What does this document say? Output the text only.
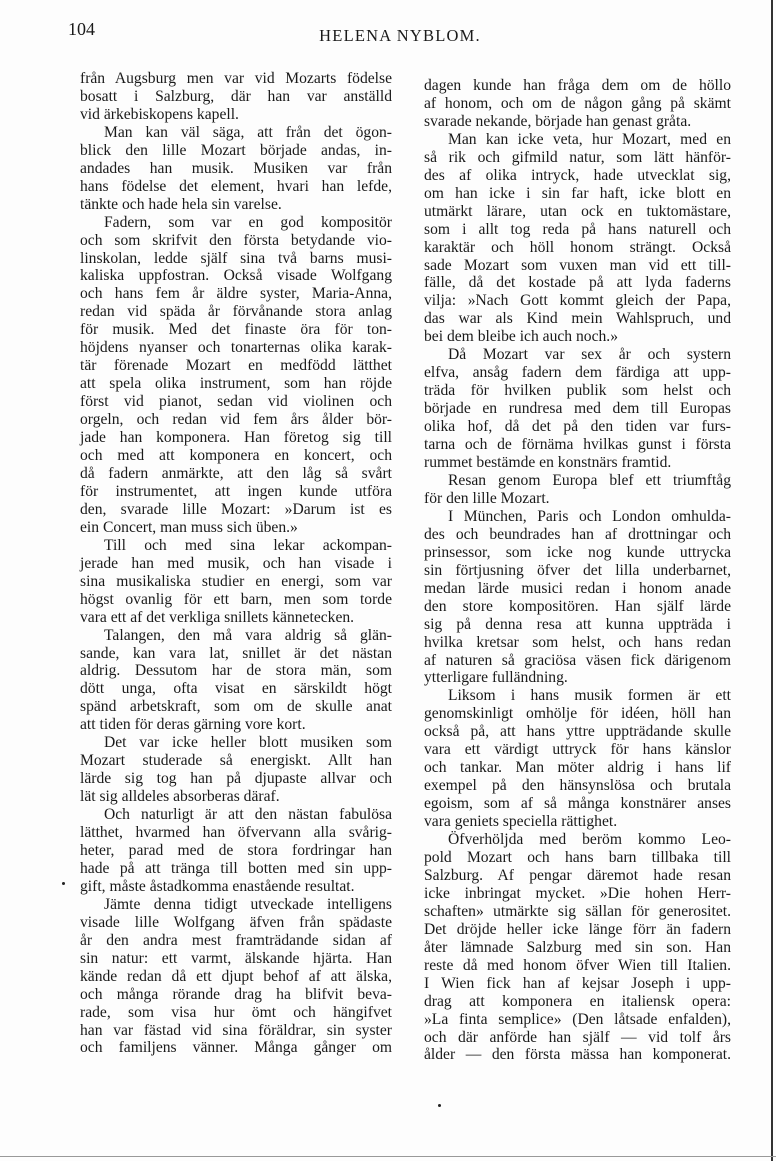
104	HELENA NYBLOM.
från Augsburg men var vid Mozarts födelse
bosatt i Salzburg, där han var anställd
vid ärkebiskopens kapell.
Man kan väl säga, att från det ögon-
blick den lille Mozart började andas, in-
andades han musik. Musiken var från
hans födelse det element, hvari han lefde,
tänkte och hade hela sin varelse.
Fadern, som var en god kompositör
och som skrifvit den första betydande vio-
linskolan, ledde själf sina två barns musi-
kaliska uppfostran. Också visade Wolfgang
och hans fem år äldre syster, Maria-Anna,
redan vid späda år förvånande stora anlag
för musik. Med det finaste öra för ton-
höjdens nyanser och tonarternas olika karak-
tär förenade Mozart en medfödd lätthet
att spela olika instrument, som han röjde
först vid pianot, sedan vid violinen och
orgeln, och redan vid fem års ålder bör-
jade han komponera. Han företog sig till
och med att komponera en koncert, och
då fadern anmärkte, att den låg så svårt
för instrumentet, att ingen kunde utföra
den, svarade lille Mozart: »Darum ist es
ein Concert, man muss sich üben.»
Till och med sina lekar ackompan-
jerade han med musik, och han visade i
sina musikaliska studier en energi, som var
högst ovanlig för ett barn, men som torde
vara ett af det verkliga snillets kännetecken.
Talangen, den må vara aldrig så glän-
sande, kan vara lat, snillet är det nästan
aldrig. Dessutom har de stora män, som
dött unga, ofta visat en särskildt högt
spänd arbetskraft, som om de skulle anat
att tiden för deras gärning vore kort.
Det var icke heller blott musiken som
Mozart studerade så energiskt. Allt han
lärde sig tog han på djupaste allvar och
lät sig alldeles absorberas däraf.
Och naturligt är att den nästan fabulösa
lätthet, hvarmed han öfvervann alla svårig-
heter, parad med de stora fordringar han
hade på att tränga till botten med sin upp-
gift, måste åstadkomma enastående resultat.
Jämte denna tidigt utveckade intelligens
visade lille Wolfgang äfven från spädaste
år den andra mest framträdande sidan af
sin natur: ett varmt, älskande hjärta. Han
kände redan då ett djupt behof af att älska,
och många rörande drag ha blifvit beva-
rade, som visa hur ömt och hängifvet
han var fästad vid sina föräldrar, sin syster
och familjens vänner. Många gånger om
dagen kunde han fråga dem om de höllo
af honom, och om de någon gång på skämt
svarade nekande, började han genast gråta.
Man kan icke veta, hur Mozart, med en
så rik och gifmild natur, som lätt hänför-
des af olika intryck, hade utvecklat sig,
om han icke i sin far haft, icke blott en
utmärkt lärare, utan ock en tuktomästare,
som i allt tog reda på hans naturell och
karaktär och höll honom strängt. Också
sade Mozart som vuxen man vid ett till-
fälle, då det kostade på att lyda faderns
vilja: »Nach Gott kommt gleich der Papa,
das war als Kind mein Wahlspruch, und
bei dem bleibe ich auch noch.»
Då Mozart var sex år och systern
elfva, ansåg fadern dem färdiga att upp-
träda för hvilken publik som helst och
började en rundresa med dem till Europas
olika hof, då det på den tiden var furs-
tarna och de förnäma hvilkas gunst i första
rummet bestämde en konstnärs framtid.
Resan genom Europa blef ett triumftåg
för den lille Mozart.
I München, Paris och London omhulda-
des och beundrades han af drottningar och
prinsessor, som icke nog kunde uttrycka
sin förtjusning öfver det lilla underbarnet,
medan lärde musici redan i honom anade
den store kompositören. Han själf lärde
sig på denna resa att kunna uppträda i
hvilka kretsar som helst, och hans redan
af naturen så graciösa väsen fick därigenom
ytterligare fulländning.
Liksom i hans musik formen är ett
genomskinligt omhölje för idéen, höll han
också på, att hans yttre uppträdande skulle
vara ett värdigt uttryck för hans känslor
och tankar. Man möter aldrig i hans lif
exempel på den hänsynslösa och brutala
egoism, som af så många konstnärer anses
vara geniets speciella rättighet.
Öfverhöljda med beröm kommo Leo-
pold Mozart och hans barn tillbaka till
Salzburg. Af pengar däremot hade resan
icke inbringat mycket. »Die hohen Herr-
schaften» utmärkte sig sällan för generositet.
Det dröjde heller icke länge förr än fadern
åter lämnade Salzburg med sin son. Han
reste då med honom öfver Wien till Italien.
I Wien fick han af kejsar Joseph i upp-
drag att komponera en italiensk opera:
»La finta semplice» (Den låtsade enfalden),
och där anförde han själf — vid tolf års
ålder — den första mässa han komponerat.
